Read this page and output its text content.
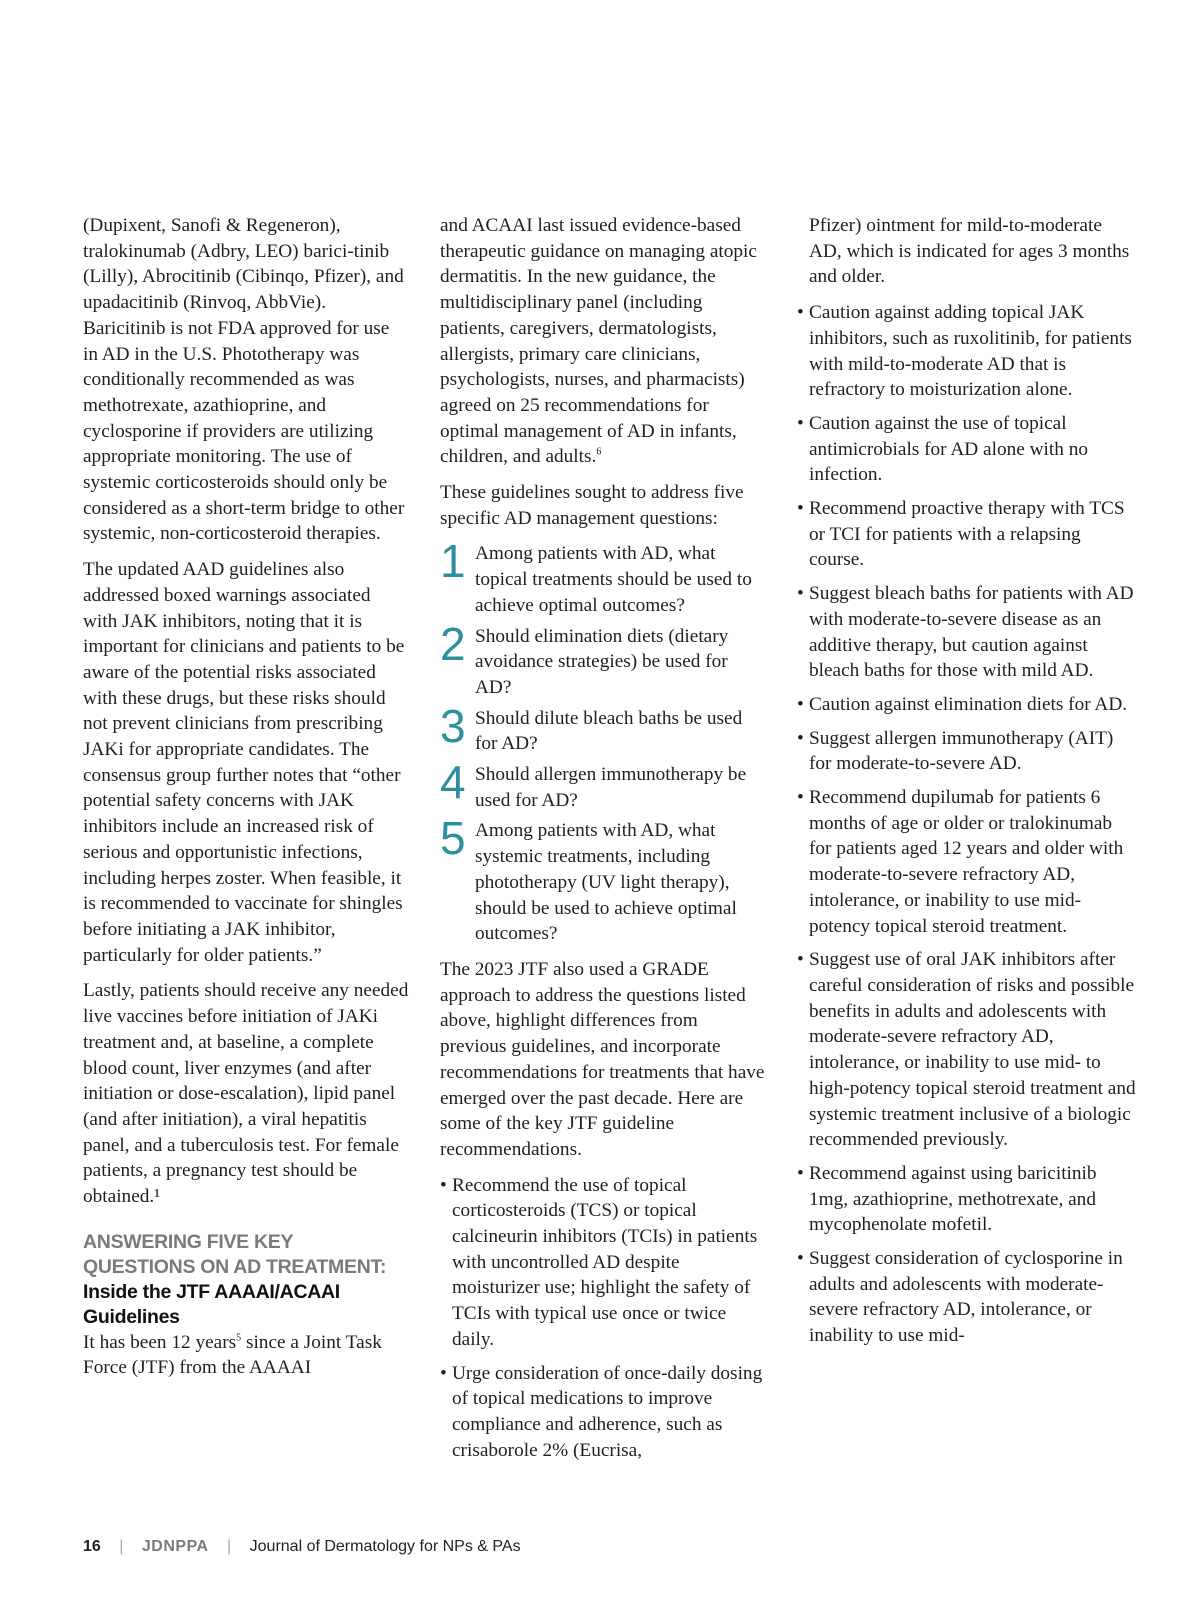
(Dupixent, Sanofi & Regeneron), tralokinumab (Adbry, LEO) barici-tinib (Lilly), Abrocitinib (Cibinqo, Pfizer), and upadacitinib (Rinvoq, AbbVie). Baricitinib is not FDA approved for use in AD in the U.S. Phototherapy was conditionally recommended as was methotrexate, azathioprine, and cyclosporine if providers are utilizing appropriate monitoring. The use of systemic corticosteroids should only be considered as a short-term bridge to other systemic, non-corticosteroid therapies.

The updated AAD guidelines also addressed boxed warnings associated with JAK inhibitors, noting that it is important for clinicians and patients to be aware of the potential risks associated with these drugs, but these risks should not prevent clinicians from prescribing JAKi for appropriate candidates. The consensus group further notes that “other potential safety concerns with JAK inhibitors include an increased risk of serious and opportunistic infections, including herpes zoster. When feasible, it is recommended to vaccinate for shingles before initiating a JAK inhibitor, particularly for older patients.”

Lastly, patients should receive any needed live vaccines before initiation of JAKi treatment and, at baseline, a complete blood count, liver enzymes (and after initiation or dose-escalation), lipid panel (and after initiation), a viral hepatitis panel, and a tuberculosis test. For female patients, a pregnancy test should be obtained.¹

ANSWERING FIVE KEY QUESTIONS ON AD TREATMENT:
Inside the JTF AAAAI/ACAAI Guidelines

It has been 12 years$^5$ since a Joint Task Force (JTF) from the AAAAI

and ACAAI last issued evidence-based therapeutic guidance on managing atopic dermatitis. In the new guidance, the multidisciplinary panel (including patients, caregivers, dermatologists, allergists, primary care clinicians, psychologists, nurses, and pharmacists) agreed on 25 recommendations for optimal management of AD in infants, children, and adults.$^6$

These guidelines sought to address five specific AD management questions:

1 Among patients with AD, what topical treatments should be used to achieve optimal outcomes?
2 Should elimination diets (dietary avoidance strategies) be used for AD?
3 Should dilute bleach baths be used for AD?
4 Should allergen immunotherapy be used for AD?
5 Among patients with AD, what systemic treatments, including phototherapy (UV light therapy), should be used to achieve optimal outcomes?

The 2023 JTF also used a GRADE approach to address the questions listed above, highlight differences from previous guidelines, and incorporate recommendations for treatments that have emerged over the past decade. Here are some of the key JTF guideline recommendations.

• Recommend the use of topical corticosteroids (TCS) or topical calcineurin inhibitors (TCIs) in patients with uncontrolled AD despite moisturizer use; highlight the safety of TCIs with typical use once or twice daily.
• Urge consideration of once-daily dosing of topical medications to improve compliance and adherence, such as crisaborole 2% (Eucrisa,

Pfizer) ointment for mild-to-moderate AD, which is indicated for ages 3 months and older.

• Caution against adding topical JAK inhibitors, such as ruxolitinib, for patients with mild-to-moderate AD that is refractory to moisturization alone.
• Caution against the use of topical antimicrobials for AD alone with no infection.
• Recommend proactive therapy with TCS or TCI for patients with a relapsing course.
• Suggest bleach baths for patients with AD with moderate-to-severe disease as an additive therapy, but caution against bleach baths for those with mild AD.
• Caution against elimination diets for AD.
• Suggest allergen immunotherapy (AIT) for moderate-to-severe AD.
• Recommend dupilumab for patients 6 months of age or older or tralokinumab for patients aged 12 years and older with moderate-to-severe refractory AD, intolerance, or inability to use mid-potency topical steroid treatment.
• Suggest use of oral JAK inhibitors after careful consideration of risks and possible benefits in adults and adolescents with moderate-severe refractory AD, intolerance, or inability to use mid- to high-potency topical steroid treatment and systemic treatment inclusive of a biologic recommended previously.
• Recommend against using baricitinib 1mg, azathioprine, methotrexate, and mycophenolate mofetil.
• Suggest consideration of cyclosporine in adults and adolescents with moderate-severe refractory AD, intolerance, or inability to use mid-
16 | JDNPPA | Journal of Dermatology for NPs & PAs
